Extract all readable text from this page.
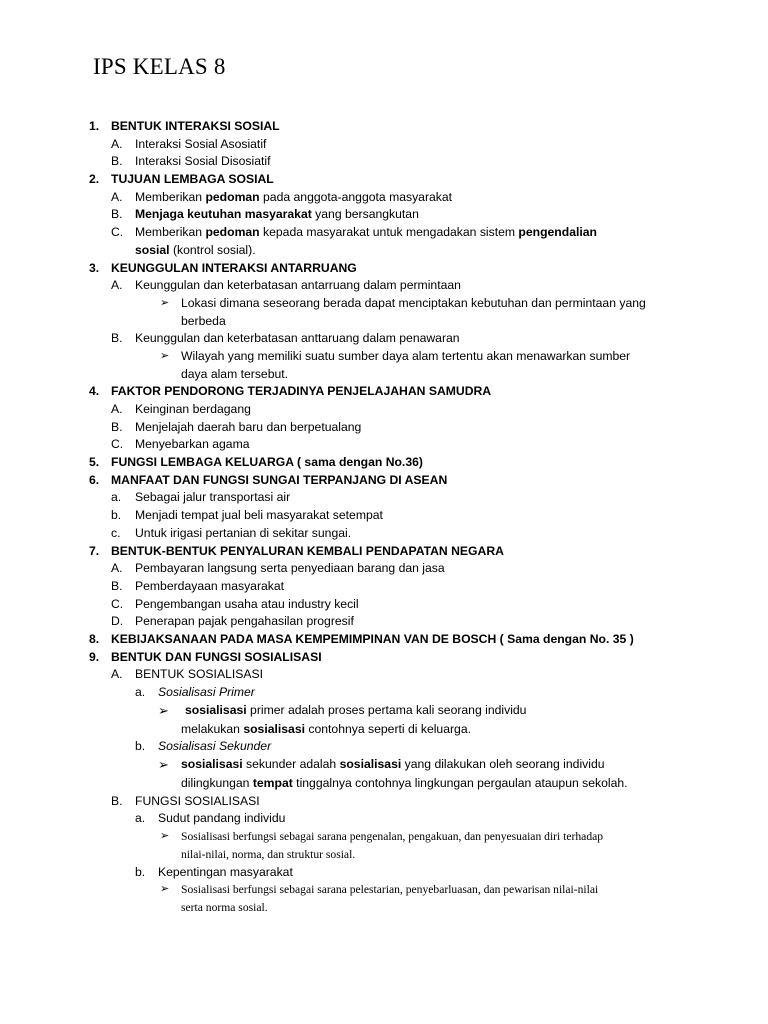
IPS KELAS 8
1. BENTUK INTERAKSI SOSIAL
A. Interaksi Sosial Asosiatif
B. Interaksi Sosial Disosiatif
2. TUJUAN LEMBAGA SOSIAL
A. Memberikan pedoman pada anggota-anggota masyarakat
B. Menjaga keutuhan masyarakat yang bersangkutan
C. Memberikan pedoman kepada masyarakat untuk mengadakan sistem pengendalian
sosial (kontrol sosial).
3. KEUNGGULAN INTERAKSI ANTARRUANG
A. Keunggulan dan keterbatasan antarruang dalam permintaan
➢ Lokasi dimana seseorang berada dapat menciptakan kebutuhan dan permintaan yang
berbeda
B. Keunggulan dan keterbatasan anttaruang dalam penawaran
➢ Wilayah yang memiliki suatu sumber daya alam tertentu akan menawarkan sumber
daya alam tersebut.
4. FAKTOR PENDORONG TERJADINYA PENJELAJAHAN SAMUDRA
A. Keinginan berdagang
B. Menjelajah daerah baru dan berpetualang
C. Menyebarkan agama
5. FUNGSI LEMBAGA KELUARGA ( sama dengan No.36)
6. MANFAAT DAN FUNGSI SUNGAI TERPANJANG DI ASEAN
a. Sebagai jalur transportasi air
b. Menjadi tempat jual beli masyarakat setempat
c. Untuk irigasi pertanian di sekitar sungai.
7. BENTUK-BENTUK PENYALURAN KEMBALI PENDAPATAN NEGARA
A. Pembayaran langsung serta penyediaan barang dan jasa
B. Pemberdayaan masyarakat
C. Pengembangan usaha atau industry kecil
D. Penerapan pajak pengahasilan progresif
8. KEBIJAKSANAAN PADA MASA KEMPEMIMPINAN VAN DE BOSCH ( Sama dengan No. 35 )
9. BENTUK DAN FUNGSI SOSIALISASI
A. BENTUK SOSIALISASI
a. Sosialisasi Primer
➢ sosialisasi primer adalah proses pertama kali seorang individu
melakukan sosialisasi contohnya seperti di keluarga.
b. Sosialisasi Sekunder
➢ sosialisasi sekunder adalah sosialisasi yang dilakukan oleh seorang individu
dilingkungan tempat tinggalnya contohnya lingkungan pergaulan ataupun sekolah.
B. FUNGSI SOSIALISASI
a. Sudut pandang individu
➢ Sosialisasi berfungsi sebagai sarana pengenalan, pengakuan, dan penyesuaian diri terhadap
nilai-nilai, norma, dan struktur sosial.
b. Kepentingan masyarakat
➢ Sosialisasi berfungsi sebagai sarana pelestarian, penyebarluasan, dan pewarisan nilai-nilai
serta norma sosial.
